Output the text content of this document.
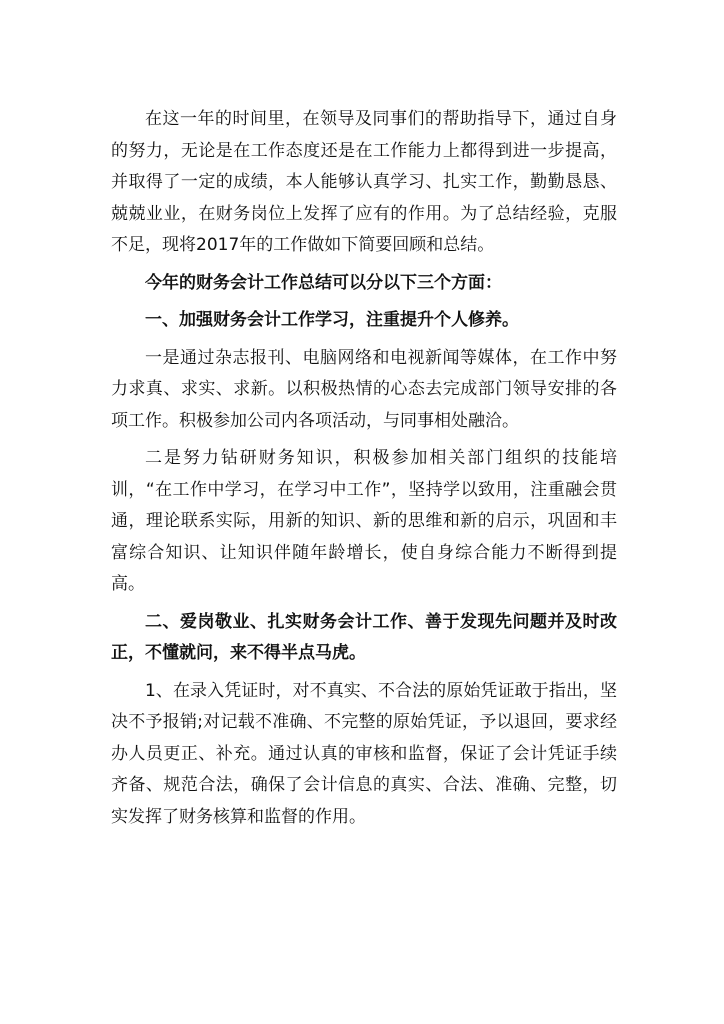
在这一年的时间里，在领导及同事们的帮助指导下，通过自身的努力，无论是在工作态度还是在工作能力上都得到进一步提高，并取得了一定的成绩，本人能够认真学习、扎实工作，勤勤恳恳、兢兢业业，在财务岗位上发挥了应有的作用。为了总结经验，克服不足，现将2017年的工作做如下简要回顾和总结。

今年的财务会计工作总结可以分以下三个方面：

一、加强财务会计工作学习，注重提升个人修养。

一是通过杂志报刊、电脑网络和电视新闻等媒体，在工作中努力求真、求实、求新。以积极热情的心态去完成部门领导安排的各项工作。积极参加公司内各项活动，与同事相处融洽。

二是努力钻研财务知识，积极参加相关部门组织的技能培训，“在工作中学习，在学习中工作”，坚持学以致用，注重融会贯通，理论联系实际，用新的知识、新的思维和新的启示，巩固和丰富综合知识、让知识伴随年龄增长，使自身综合能力不断得到提高。

二、爱岗敬业、扎实财务会计工作、善于发现先问题并及时改正，不懂就问，来不得半点马虎。

1、在录入凭证时，对不真实、不合法的原始凭证敢于指出，坚决不予报销;对记载不准确、不完整的原始凭证，予以退回，要求经办人员更正、补充。通过认真的审核和监督，保证了会计凭证手续齐备、规范合法，确保了会计信息的真实、合法、准确、完整，切实发挥了财务核算和监督的作用。
